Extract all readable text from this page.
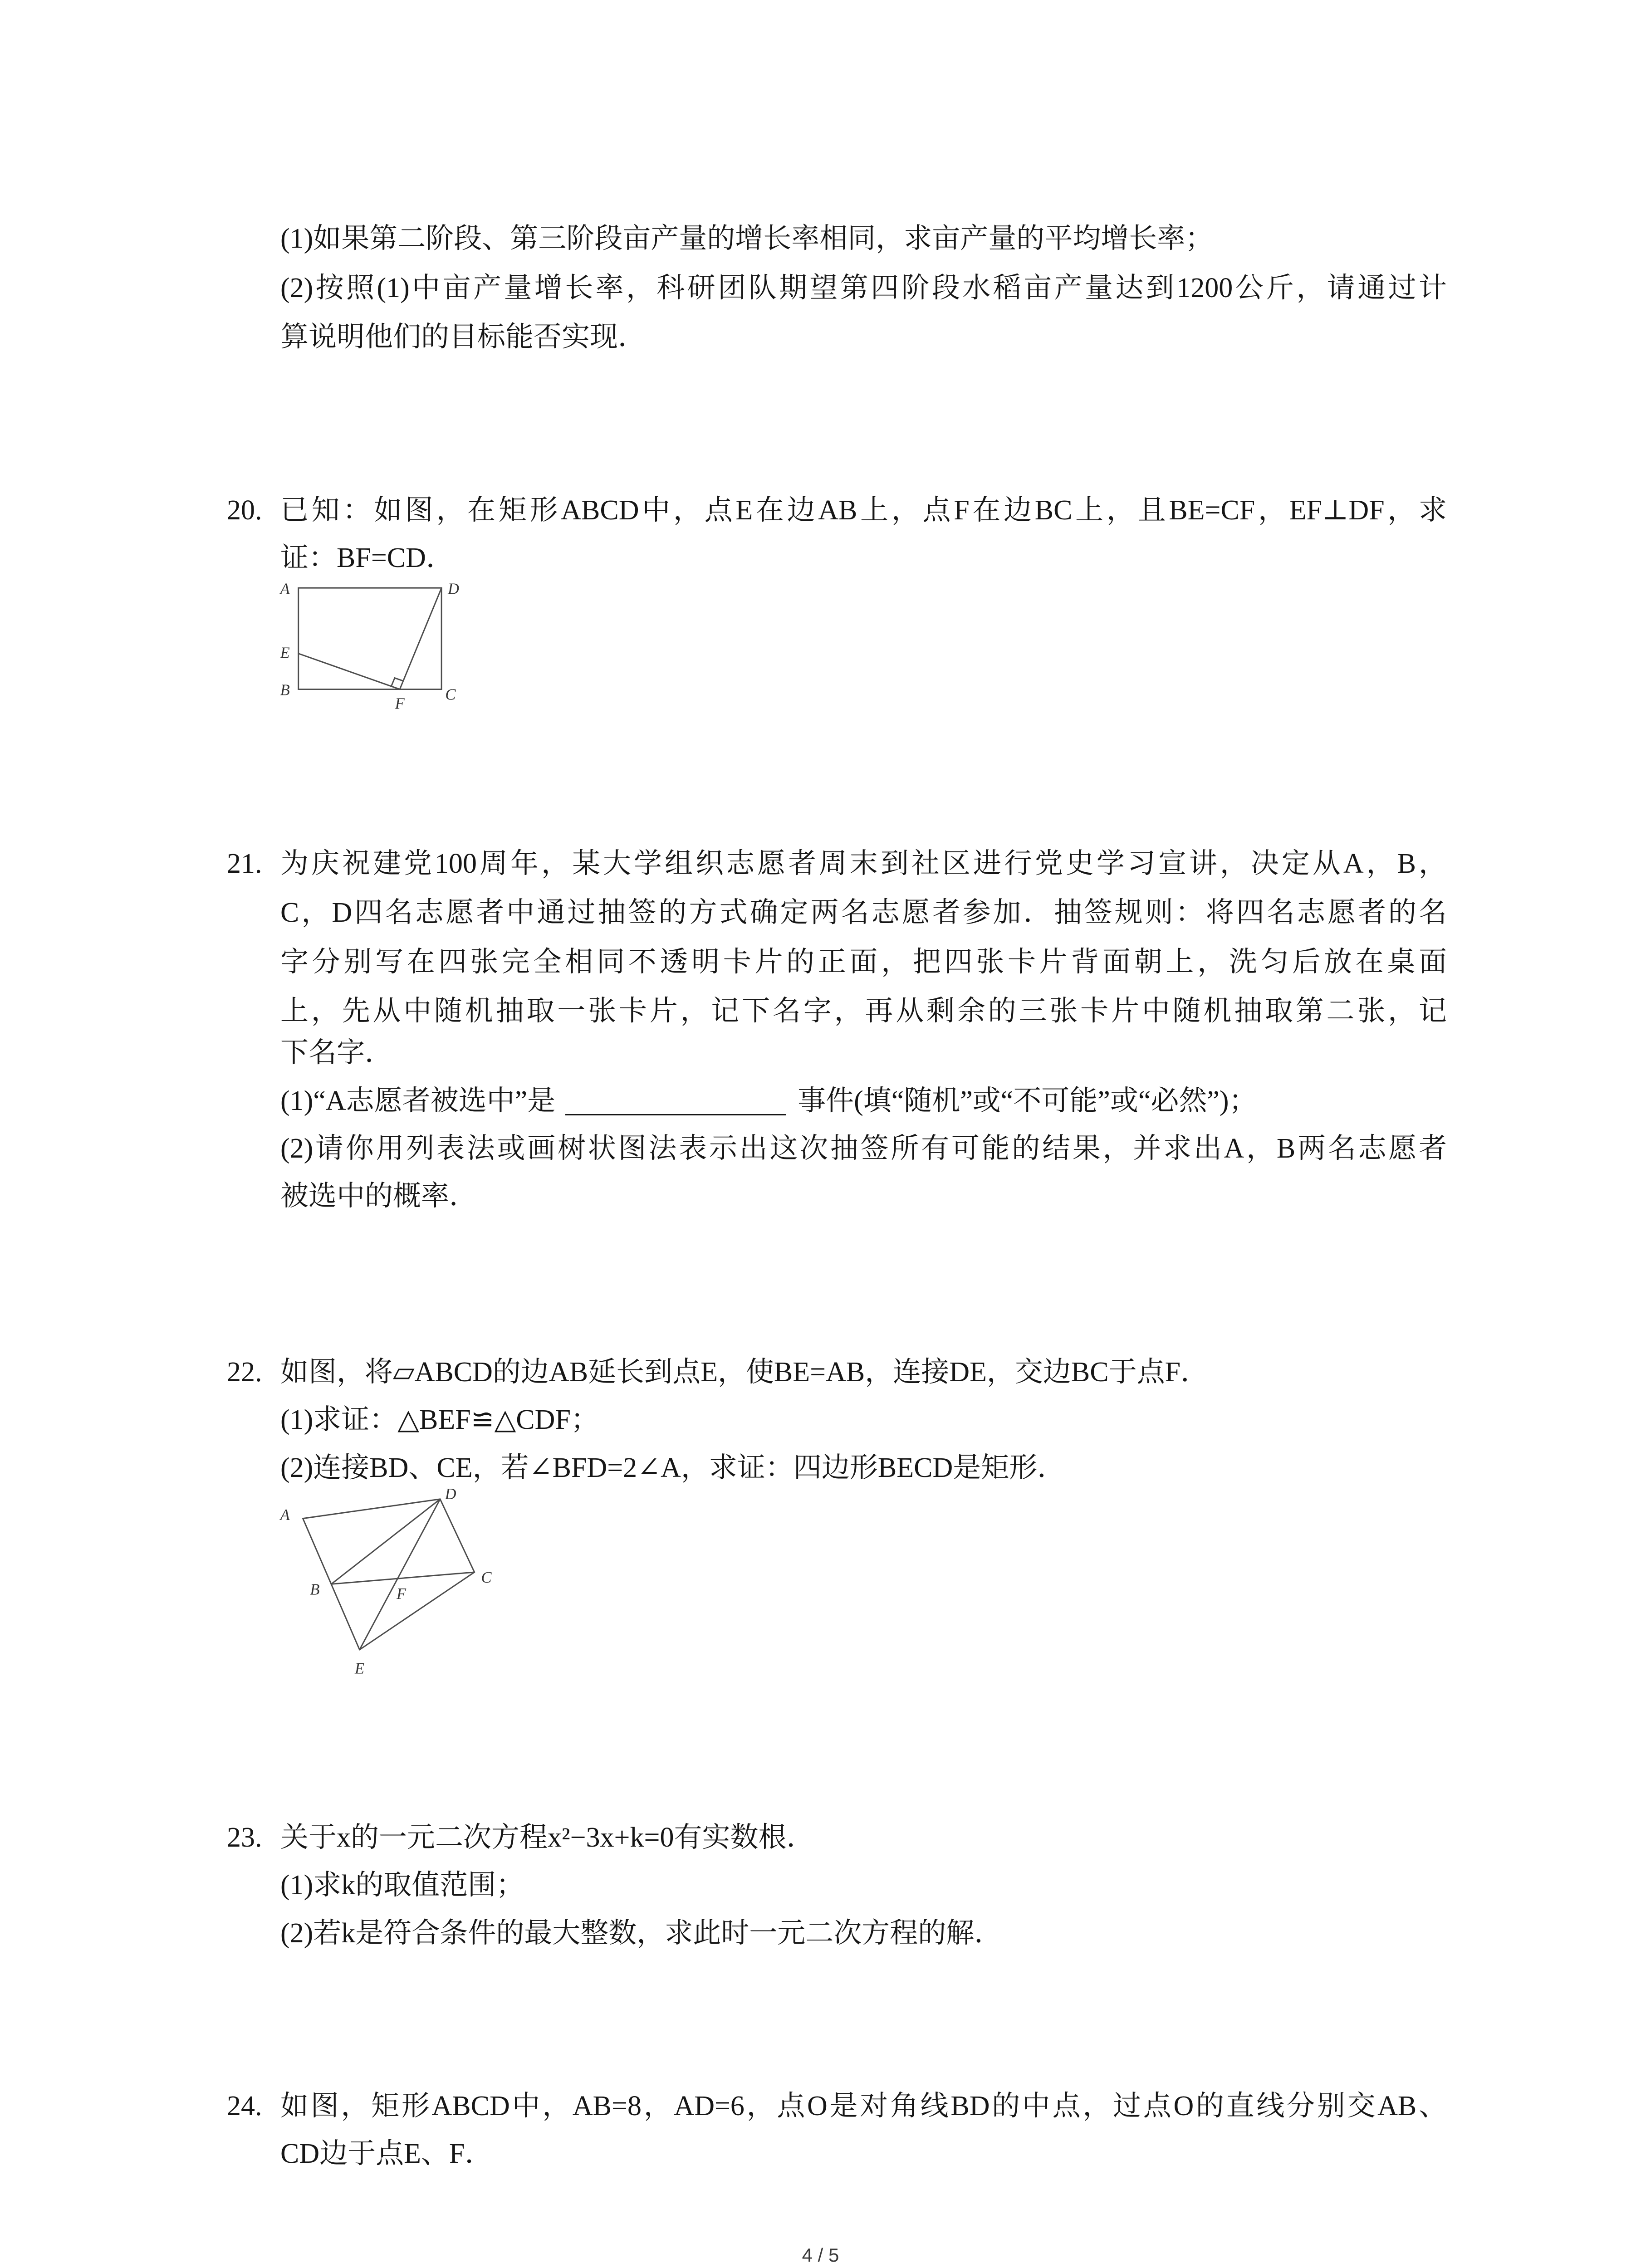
(1)如果第二阶段、第三阶段亩产量的增长率相同，求亩产量的平均增长率；
(2)按照(1)中亩产量增长率，科研团队期望第四阶段水稻亩产量达到1200公斤，请通过计
算说明他们的目标能否实现．
20. 已知：如图，在矩形ABCD中，点E在边AB上，点F在边BC上，且BE=CF，EF⊥DF，求
证：BF=CD．
A	D
E
B
F
C
21. 为庆祝建党100周年，某大学组织志愿者周末到社区进行党史学习宣讲，决定从A，B，
C，D四名志愿者中通过抽签的方式确定两名志愿者参加．抽签规则：将四名志愿者的名
字分别写在四张完全相同不透明卡片的正面，把四张卡片背面朝上，洗匀后放在桌面
上，先从中随机抽取一张卡片，记下名字，再从剩余的三张卡片中随机抽取第二张，记
下名字．
(1)“A志愿者被选中”是	事件(填“随机”或“不可能”或“必然”)；
(2)请你用列表法或画树状图法表示出这次抽签所有可能的结果，并求出A，B两名志愿者
被选中的概率．
22. 如图，将▱ABCD的边AB延长到点E，使BE=AB，连接DE，交边BC于点F．
(1)求证：△BEF≌△CDF；
(2)连接BD、CE，若∠BFD=2∠A，求证：四边形BECD是矩形．
A
D
C
B	F
E
23. 关于x的一元二次方程x²−3x+k=0有实数根．
(1)求k的取值范围；
(2)若k是符合条件的最大整数，求此时一元二次方程的解．
24. 如图，矩形ABCD中，AB=8，AD=6，点O是对角线BD的中点，过点O的直线分别交AB、
CD边于点E、F．
4 / 5
